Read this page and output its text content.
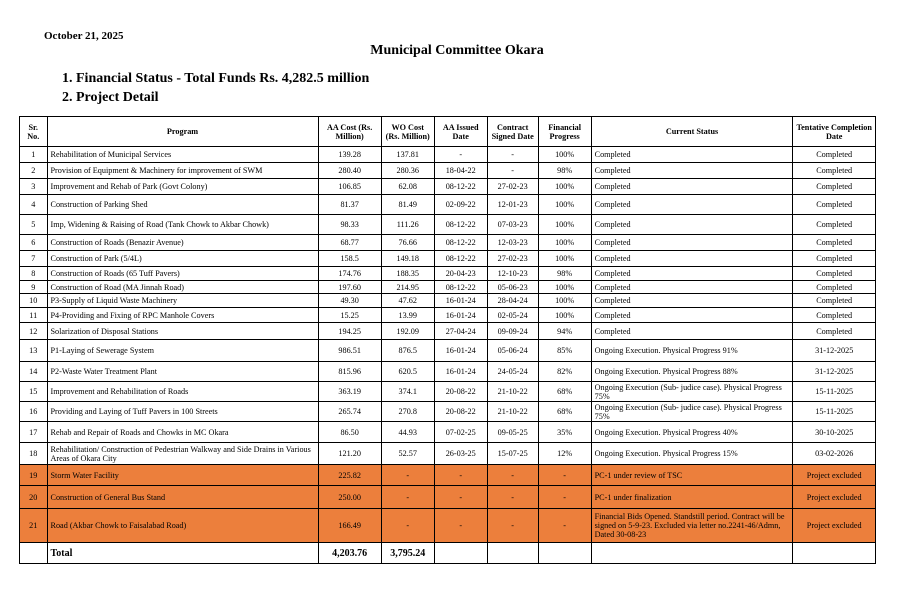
October 21, 2025
Municipal Committee Okara
1. Financial Status - Total Funds Rs. 4,282.5 million
2. Project Detail
Sr. No.	Program	AA Cost (Rs. Million)	WO Cost (Rs. Million)	AA Issued Date	Contract Signed Date	Financial Progress	Current Status	Tentative Completion Date
1	Rehabilitation of Municipal Services	139.28	137.81	-	-	100%	Completed	Completed
2	Provision of Equipment & Machinery for improvement of SWM	280.40	280.36	18-04-22	-	98%	Completed	Completed
3	Improvement and Rehab of Park (Govt Colony)	106.85	62.08	08-12-22	27-02-23	100%	Completed	Completed
4	Construction of Parking Shed	81.37	81.49	02-09-22	12-01-23	100%	Completed	Completed
5	Imp, Widening & Raising of Road (Tank Chowk to Akbar Chowk)	98.33	111.26	08-12-22	07-03-23	100%	Completed	Completed
6	Construction of Roads (Benazir Avenue)	68.77	76.66	08-12-22	12-03-23	100%	Completed	Completed
7	Construction of Park (5/4L)	158.5	149.18	08-12-22	27-02-23	100%	Completed	Completed
8	Construction of Roads (65 Tuff Pavers)	174.76	188.35	20-04-23	12-10-23	98%	Completed	Completed
9	Construction of Road (MA Jinnah Road)	197.60	214.95	08-12-22	05-06-23	100%	Completed	Completed
10	P3-Supply of Liquid Waste Machinery	49.30	47.62	16-01-24	28-04-24	100%	Completed	Completed
11	P4-Providing and Fixing of RPC Manhole Covers	15.25	13.99	16-01-24	02-05-24	100%	Completed	Completed
12	Solarization of Disposal Stations	194.25	192.09	27-04-24	09-09-24	94%	Completed	Completed
13	P1-Laying of Sewerage System	986.51	876.5	16-01-24	05-06-24	85%	Ongoing Execution. Physical Progress 91%	31-12-2025
14	P2-Waste Water Treatment Plant	815.96	620.5	16-01-24	24-05-24	82%	Ongoing Execution. Physical Progress 88%	31-12-2025
15	Improvement and Rehabilitation of Roads	363.19	374.1	20-08-22	21-10-22	68%	Ongoing Execution (Sub- judice case). Physical Progress 75%	15-11-2025
16	Providing and Laying of Tuff Pavers in 100 Streets	265.74	270.8	20-08-22	21-10-22	68%	Ongoing Execution (Sub- judice case). Physical Progress 75%	15-11-2025
17	Rehab and Repair of Roads and Chowks in MC Okara	86.50	44.93	07-02-25	09-05-25	35%	Ongoing Execution. Physical Progress 40%	30-10-2025
18	Rehabilitation/ Construction of Pedestrian Walkway and Side Drains in Various Areas of Okara City	121.20	52.57	26-03-25	15-07-25	12%	Ongoing Execution. Physical Progress 15%	03-02-2026
19	Storm Water Facility	225.82	-	-	-	-	PC-1 under review of TSC	Project excluded
20	Construction of General Bus Stand	250.00	-	-	-	-	PC-1 under finalization	Project excluded
21	Road (Akbar Chowk to Faisalabad Road)	166.49	-	-	-	-	Financial Bids Opened. Standstill period. Contract will be signed on 5-9-23. Excluded via letter no.2241-46/Admn, Dated 30-08-23	Project excluded
	Total	4,203.76	3,795.24					
